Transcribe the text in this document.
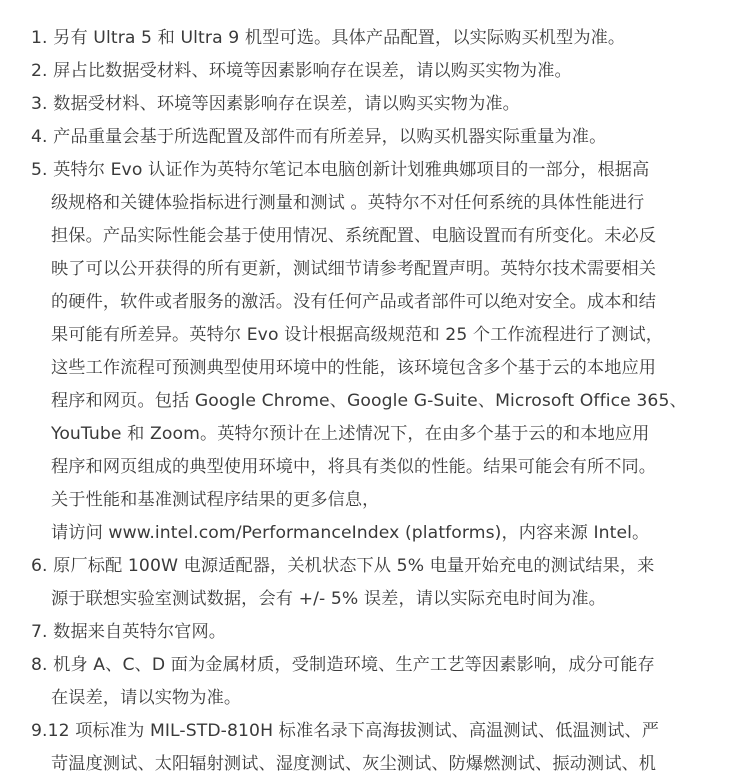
1. 另有 Ultra 5 和 Ultra 9 机型可选。具体产品配置，以实际购买机型为准。
2. 屏占比数据受材料、环境等因素影响存在误差，请以购买实物为准。
3. 数据受材料、环境等因素影响存在误差，请以购买实物为准。
4. 产品重量会基于所选配置及部件而有所差异，以购买机器实际重量为准。
5. 英特尔 Evo 认证作为英特尔笔记本电脑创新计划雅典娜项目的一部分，根据高
级规格和关键体验指标进行测量和测试 。英特尔不对任何系统的具体性能进行
担保。产品实际性能会基于使用情况、系统配置、电脑设置而有所变化。未必反
映了可以公开获得的所有更新，测试细节请参考配置声明。英特尔技术需要相关
的硬件，软件或者服务的激活。没有任何产品或者部件可以绝对安全。成本和结
果可能有所差异。英特尔 Evo 设计根据高级规范和 25 个工作流程进行了测试，
这些工作流程可预测典型使用环境中的性能，该环境包含多个基于云的本地应用
程序和网页。包括 Google Chrome、Google G-Suite、Microsoft Office 365、
YouTube 和 Zoom。英特尔预计在上述情况下，在由多个基于云的和本地应用
程序和网页组成的典型使用环境中，将具有类似的性能。结果可能会有所不同。
关于性能和基准测试程序结果的更多信息，
请访问 www.intel.com/PerformanceIndex (platforms)，内容来源 Intel。
6. 原厂标配 100W 电源适配器，关机状态下从 5% 电量开始充电的测试结果，来
源于联想实验室测试数据，会有 +/- 5% 误差，请以实际充电时间为准。
7. 数据来自英特尔官网。
8. 机身 A、C、D 面为金属材质，受制造环境、生产工艺等因素影响，成分可能存
在误差，请以实物为准。
9.12 项标准为 MIL-STD-810H 标准名录下高海拔测试、高温测试、低温测试、严
苛温度测试、太阳辐射测试、湿度测试、灰尘测试、防爆燃测试、振动测试、机
